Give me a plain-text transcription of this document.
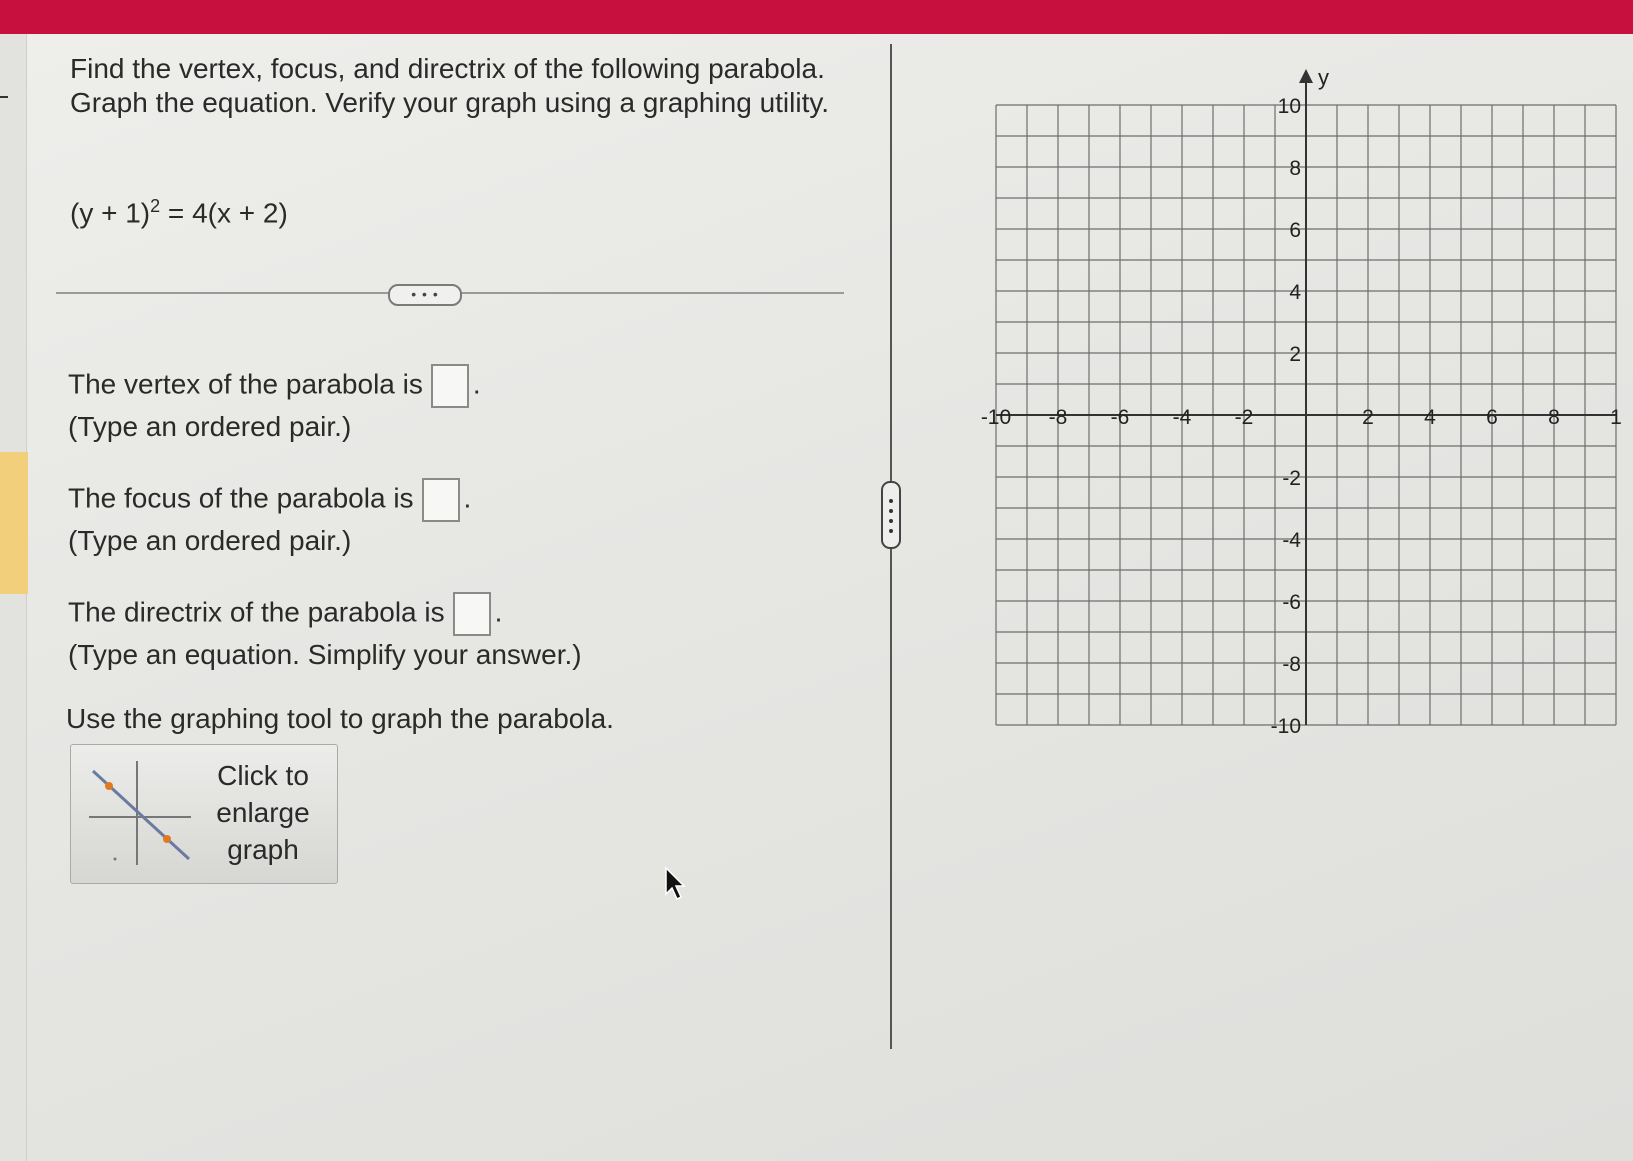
Find the vertex, focus, and directrix of the following parabola. Graph the equation. Verify your graph using a graphing utility.

$(y + 1)^2 = 4(x + 2)$
• • •
The vertex of the parabola is .
(Type an ordered pair.)
The focus of the parabola is .
(Type an ordered pair.)
The directrix of the parabola is .
(Type an equation. Simplify your answer.)
Use the graphing tool to graph the parabola.
Click to enlarge graph
y
-10 -8 -6 -4 -2	2 4 6 8 1
10
8
6
4
2
-2
-4
-6
-8
-10
